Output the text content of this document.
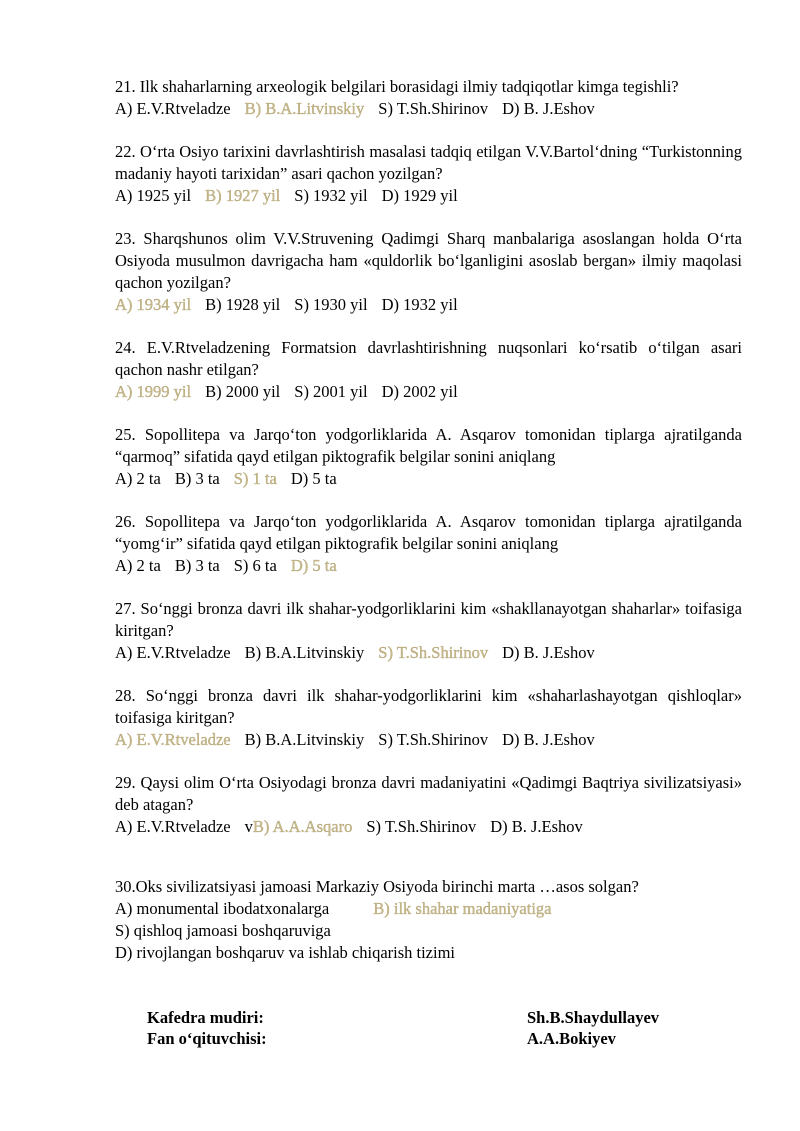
21. Ilk shaharlarning arxeologik belgilari borasidagi ilmiy tadqiqotlar kimga tegishli?
A) E.V.Rtveladze B) B.A.Litvinskiy S) T.Sh.Shirinov D) B. J.Eshov
22. O‘rta Osiyo tarixini davrlashtirish masalasi tadqiq etilgan V.V.Bartol‘dning “Turkistonning madaniy hayoti tarixidan” asari qachon yozilgan?
A) 1925 yil B) 1927 yil S) 1932 yil D) 1929 yil
23. Sharqshunos olim V.V.Struvening Qadimgi Sharq manbalariga asoslangan holda O‘rta Osiyoda musulmon davrigacha ham «quldorlik bo‘lganligini asoslab bergan» ilmiy maqolasi qachon yozilgan?
A) 1934 yil B) 1928 yil S) 1930 yil D) 1932 yil
24. E.V.Rtveladzening Formatsion davrlashtirishning nuqsonlari ko‘rsatib o‘tilgan asari qachon nashr etilgan?
A) 1999 yil B) 2000 yil S) 2001 yil D) 2002 yil
25. Sopollitepa va Jarqo‘ton yodgorliklarida A. Asqarov tomonidan tiplarga ajratilganda “qarmoq” sifatida qayd etilgan piktografik belgilar sonini aniqlang
A) 2 ta B) 3 ta S) 1 ta D) 5 ta
26. Sopollitepa va Jarqo‘ton yodgorliklarida A. Asqarov tomonidan tiplarga ajratilganda “yomg‘ir” sifatida qayd etilgan piktografik belgilar sonini aniqlang
A) 2 ta B) 3 ta S) 6 ta D) 5 ta
27. So‘nggi bronza davri ilk shahar-yodgorliklarini kim «shakllanayotgan shaharlar» toifasiga kiritgan?
A) E.V.Rtveladze B) B.A.Litvinskiy S) T.Sh.Shirinov D) B. J.Eshov
28. So‘nggi bronza davri ilk shahar-yodgorliklarini kim «shaharlashayotgan qishloqlar» toifasiga kiritgan?
A) E.V.Rtveladze B) B.A.Litvinskiy S) T.Sh.Shirinov D) B. J.Eshov
29. Qaysi olim O‘rta Osiyodagi bronza davri madaniyatini «Qadimgi Baqtriya sivilizatsiyasi» deb atagan?
A) E.V.Rtveladze vB) A.A.Asqaro S) T.Sh.Shirinov D) B. J.Eshov
30.Oks sivilizatsiyasi jamoasi Markaziy Osiyoda birinchi marta …asos solgan?
A) monumental ibodatxonalarga	B) ilk shahar madaniyatiga
S) qishloq jamoasi boshqaruviga
D) rivojlangan boshqaruv va ishlab chiqarish tizimi
Kafedra mudiri:	Sh.B.Shaydullayev
Fan o‘qituvchisi:	A.A.Bokiyev
